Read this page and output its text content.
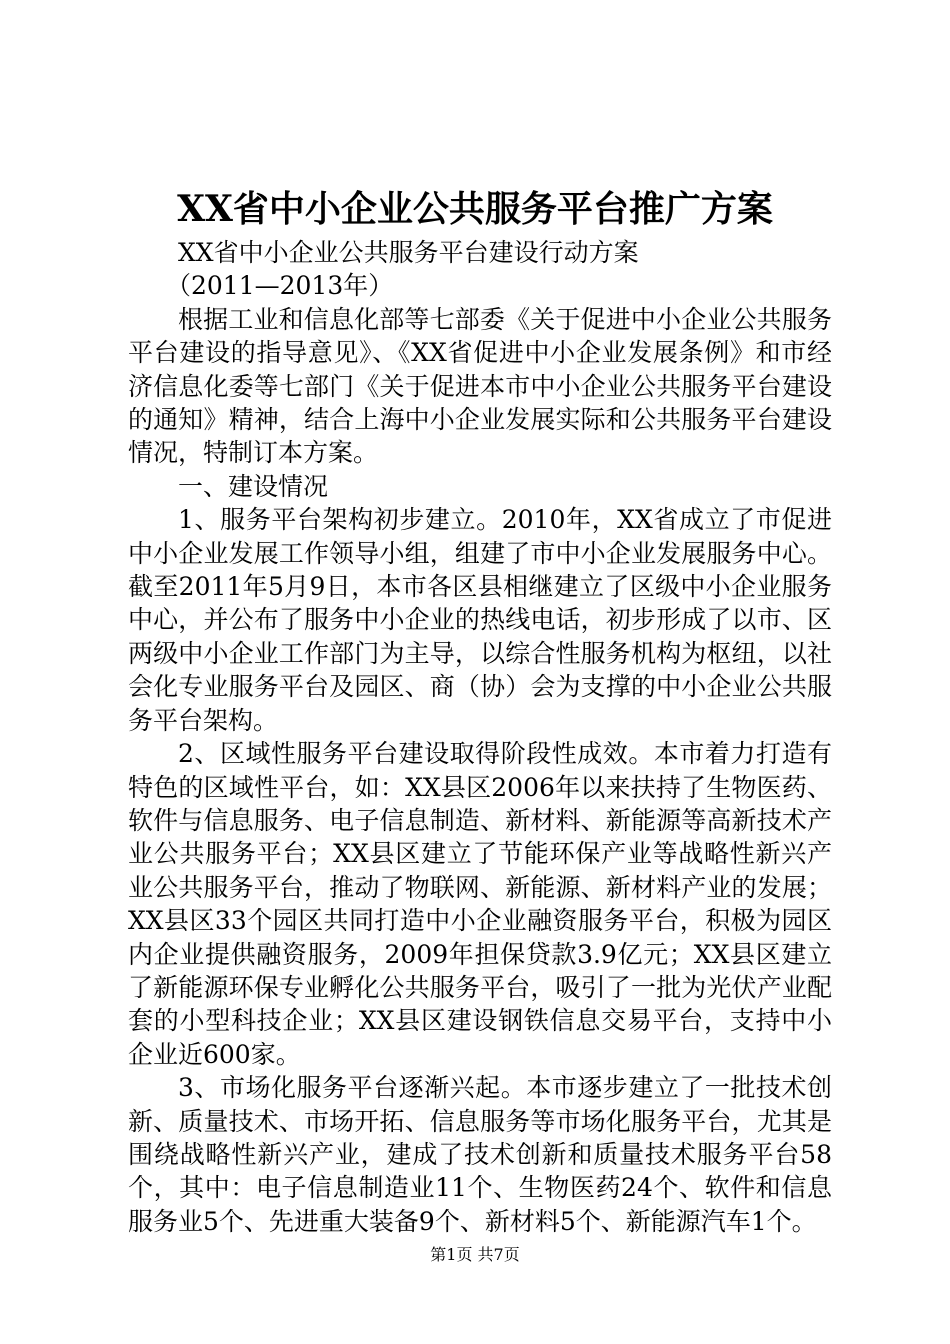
XX省中小企业公共服务平台推广方案

XX省中小企业公共服务平台建设行动方案

（2011—2013年）

根据工业和信息化部等七部委《关于促进中小企业公共服务平台建设的指导意见》、《XX省促进中小企业发展条例》和市经济信息化委等七部门《关于促进本市中小企业公共服务平台建设的通知》精神，结合上海中小企业发展实际和公共服务平台建设情况，特制订本方案。

一、建设情况

1、服务平台架构初步建立。2010年，XX省成立了市促进中小企业发展工作领导小组，组建了市中小企业发展服务中心。截至2011年5月9日，本市各区县相继建立了区级中小企业服务中心，并公布了服务中小企业的热线电话，初步形成了以市、区两级中小企业工作部门为主导，以综合性服务机构为枢纽，以社会化专业服务平台及园区、商（协）会为支撑的中小企业公共服务平台架构。

2、区域性服务平台建设取得阶段性成效。本市着力打造有特色的区域性平台，如：XX县区2006年以来扶持了生物医药、软件与信息服务、电子信息制造、新材料、新能源等高新技术产业公共服务平台；XX县区建立了节能环保产业等战略性新兴产业公共服务平台，推动了物联网、新能源、新材料产业的发展；XX县区33个园区共同打造中小企业融资服务平台，积极为园区内企业提供融资服务，2009年担保贷款3.9亿元；XX县区建立了新能源环保专业孵化公共服务平台，吸引了一批为光伏产业配套的小型科技企业；XX县区建设钢铁信息交易平台，支持中小企业近600家。

3、市场化服务平台逐渐兴起。本市逐步建立了一批技术创新、质量技术、市场开拓、信息服务等市场化服务平台，尤其是围绕战略性新兴产业，建成了技术创新和质量技术服务平台58个，其中：电子信息制造业11个、生物医药24个、软件和信息服务业5个、先进重大装备9个、新材料5个、新能源汽车1个。

第1页 共7页
